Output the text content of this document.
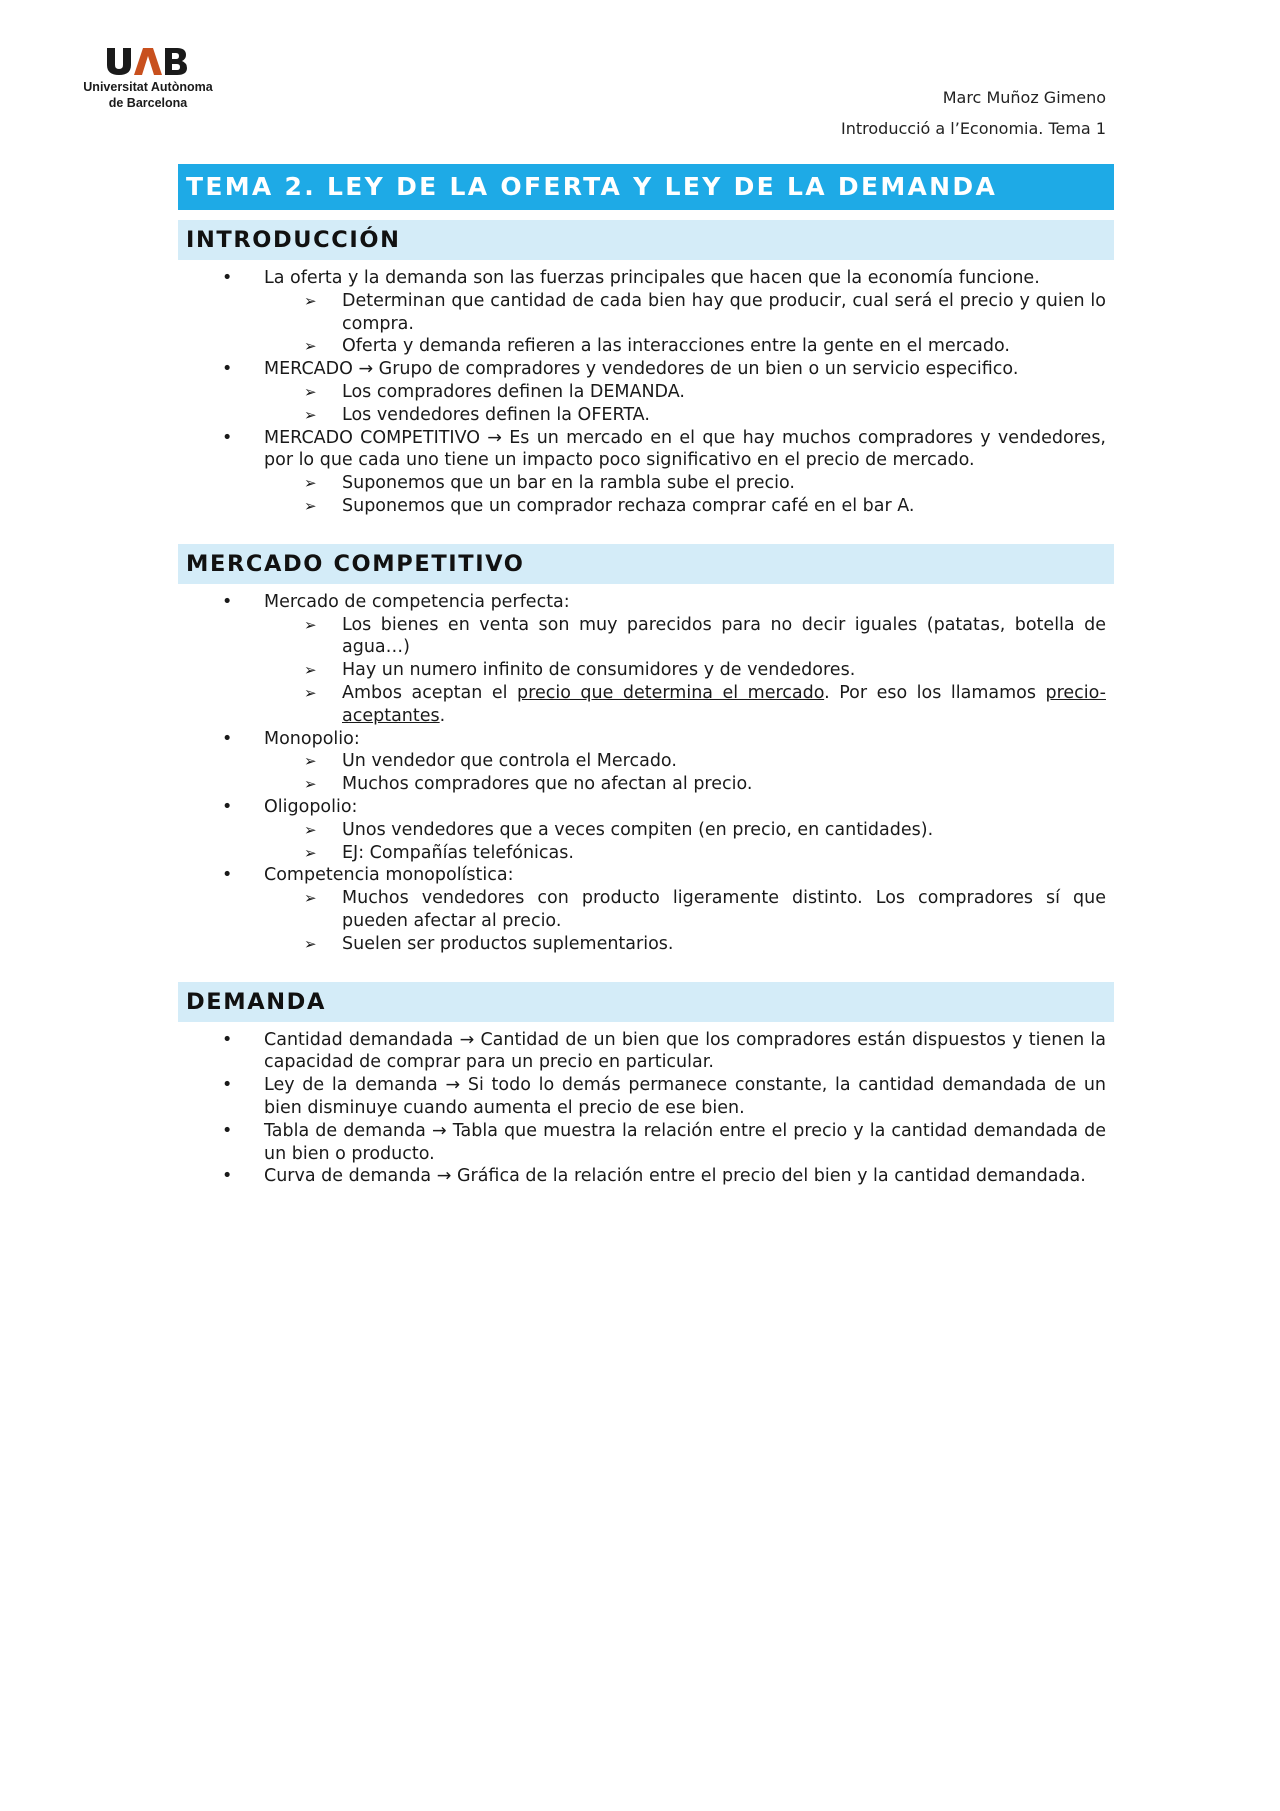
Universitat Autònoma
de Barcelona	Marc Muñoz Gimeno

Introducció a l’Economia. Tema 1

TEMA 2. LEY DE LA OFERTA Y LEY DE LA DEMANDA
INTRODUCCIÓN
• La oferta y la demanda son las fuerzas principales que hacen que la economía funcione.
➢ Determinan que cantidad de cada bien hay que producir, cual será el precio y quien lo compra.
➢ Oferta y demanda refieren a las interacciones entre la gente en el mercado.
• MERCADO → Grupo de compradores y vendedores de un bien o un servicio especifico.
➢ Los compradores definen la DEMANDA.
➢ Los vendedores definen la OFERTA.
• MERCADO COMPETITIVO → Es un mercado en el que hay muchos compradores y vendedores, por lo que cada uno tiene un impacto poco significativo en el precio de mercado.
➢ Suponemos que un bar en la rambla sube el precio.
➢ Suponemos que un comprador rechaza comprar café en el bar A.
MERCADO COMPETITIVO
• Mercado de competencia perfecta:
➢ Los bienes en venta son muy parecidos para no decir iguales (patatas, botella de agua…)
➢ Hay un numero infinito de consumidores y de vendedores.
➢ Ambos aceptan el precio que determina el mercado. Por eso los llamamos precio-aceptantes.
• Monopolio:
➢ Un vendedor que controla el Mercado.
➢ Muchos compradores que no afectan al precio.
• Oligopolio:
➢ Unos vendedores que a veces compiten (en precio, en cantidades).
➢ EJ: Compañías telefónicas.
• Competencia monopolística:
➢ Muchos vendedores con producto ligeramente distinto. Los compradores sí que pueden afectar al precio.
➢ Suelen ser productos suplementarios.
DEMANDA
• Cantidad demandada → Cantidad de un bien que los compradores están dispuestos y tienen la capacidad de comprar para un precio en particular.
• Ley de la demanda → Si todo lo demás permanece constante, la cantidad demandada de un bien disminuye cuando aumenta el precio de ese bien.
• Tabla de demanda → Tabla que muestra la relación entre el precio y la cantidad demandada de un bien o producto.
• Curva de demanda → Gráfica de la relación entre el precio del bien y la cantidad demandada.
